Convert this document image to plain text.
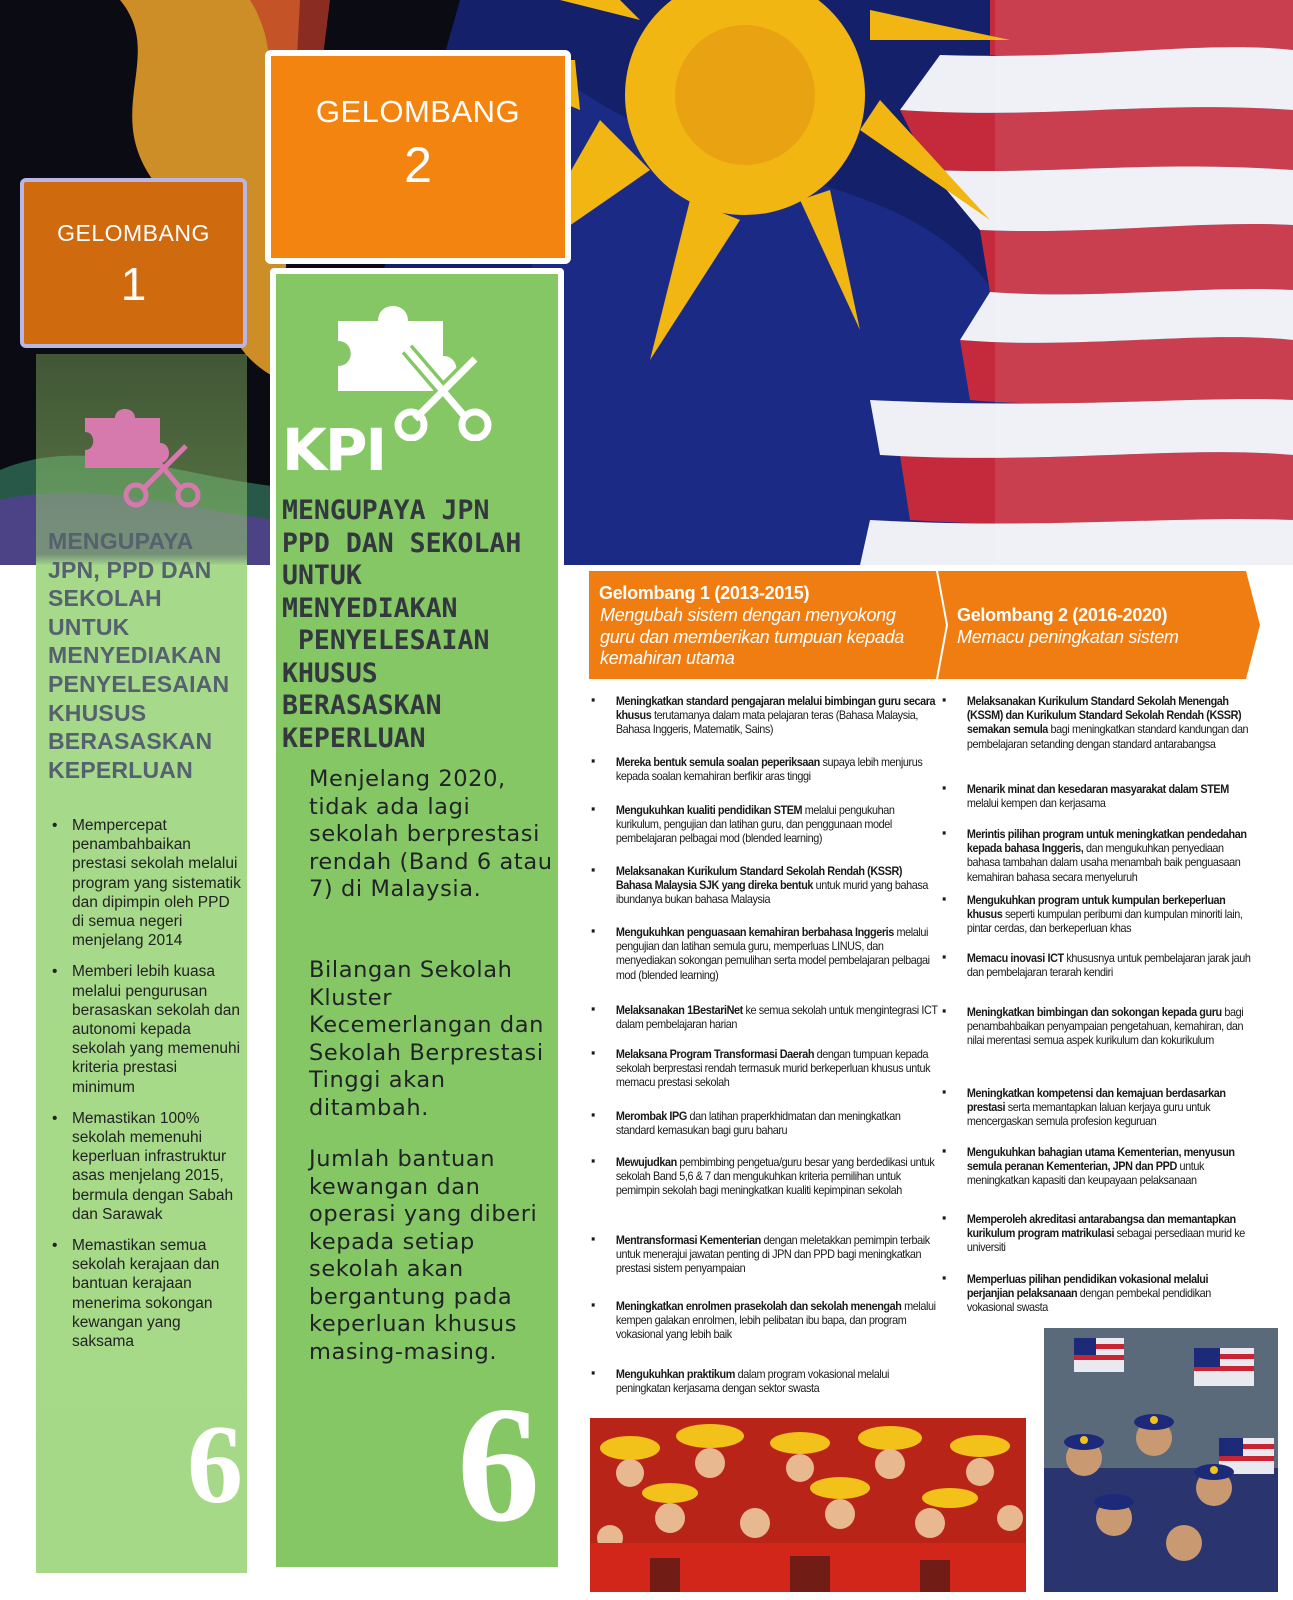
GELOMBANG
1
GELOMBANG
2
MENGUPAYA JPN, PPD DAN SEKOLAH UNTUK MENYEDIAKAN PENYELESAIAN KHUSUS BERASASKAN KEPERLUAN
• Mempercepat penambahbaikan prestasi sekolah melalui program yang sistematik dan dipimpin oleh PPD di semua negeri menjelang 2014
• Memberi lebih kuasa melalui pengurusan berasaskan sekolah dan autonomi kepada sekolah yang memenuhi kriteria prestasi minimum
• Memastikan 100% sekolah memenuhi keperluan infrastruktur asas menjelang 2015, bermula dengan Sabah dan Sarawak
• Memastikan semua sekolah kerajaan dan bantuan kerajaan menerima sokongan kewangan yang saksama
6
KPI
MENGUPAYA JPN
PPD DAN SEKOLAH
UNTUK
MENYEDIAKAN
PENYELESAIAN
KHUSUS
BERASASKAN
KEPERLUAN
Menjelang 2020, tidak ada lagi sekolah berprestasi rendah (Band 6 atau 7) di Malaysia.
Bilangan Sekolah Kluster Kecemerlangan dan Sekolah Berprestasi Tinggi akan ditambah.
Jumlah bantuan kewangan dan operasi yang diberi kepada setiap sekolah akan bergantung pada keperluan khusus masing-masing.
6
Gelombang 1 (2013-2015)
Mengubah sistem dengan menyokong guru dan memberikan tumpuan kepada kemahiran utama
Gelombang 2 (2016-2020)
Memacu peningkatan sistem
▪ Meningkatkan standard pengajaran melalui bimbingan guru secara khusus terutamanya dalam mata pelajaran teras (Bahasa Malaysia, Bahasa Inggeris, Matematik, Sains)
▪ Mereka bentuk semula soalan peperiksaan supaya lebih menjurus kepada soalan kemahiran berfikir aras tinggi
▪ Mengukuhkan kualiti pendidikan STEM melalui pengukuhan kurikulum, pengujian dan latihan guru, dan penggunaan model pembelajaran pelbagai mod (blended learning)
▪ Melaksanakan Kurikulum Standard Sekolah Rendah (KSSR) Bahasa Malaysia SJK yang direka bentuk untuk murid yang bahasa ibundanya bukan bahasa Malaysia
▪ Mengukuhkan penguasaan kemahiran berbahasa Inggeris melalui pengujian dan latihan semula guru, memperluas LINUS, dan menyediakan sokongan pemulihan serta model pembelajaran pelbagai mod (blended learning)
▪ Melaksanakan 1BestariNet ke semua sekolah untuk mengintegrasi ICT dalam pembelajaran harian
▪ Melaksana Program Transformasi Daerah dengan tumpuan kepada sekolah berprestasi rendah termasuk murid berkeperluan khusus untuk memacu prestasi sekolah
▪ Merombak IPG dan latihan praperkhidmatan dan meningkatkan standard kemasukan bagi guru baharu
▪ Mewujudkan pembimbing pengetua/guru besar yang berdedikasi untuk sekolah Band 5,6 & 7 dan mengukuhkan kriteria pemilihan untuk pemimpin sekolah bagi meningkatkan kualiti kepimpinan sekolah
▪ Mentransformasi Kementerian dengan meletakkan pemimpin terbaik untuk menerajui jawatan penting di JPN dan PPD bagi meningkatkan prestasi sistem penyampaian
▪ Meningkatkan enrolmen prasekolah dan sekolah menengah melalui kempen galakan enrolmen, lebih pelibatan ibu bapa, dan program vokasional yang lebih baik
▪ Mengukuhkan praktikum dalam program vokasional melalui peningkatan kerjasama dengan sektor swasta
▪ Melaksanakan Kurikulum Standard Sekolah Menengah (KSSM) dan Kurikulum Standard Sekolah Rendah (KSSR) semakan semula bagi meningkatkan standard kandungan dan pembelajaran setanding dengan standard antarabangsa
▪ Menarik minat dan kesedaran masyarakat dalam STEM melalui kempen dan kerjasama
▪ Merintis pilihan program untuk meningkatkan pendedahan kepada bahasa Inggeris, dan mengukuhkan penyediaan bahasa tambahan dalam usaha menambah baik penguasaan kemahiran bahasa secara menyeluruh
▪ Mengukuhkan program untuk kumpulan berkeperluan khusus seperti kumpulan peribumi dan kumpulan minoriti lain, pintar cerdas, dan berkeperluan khas
▪ Memacu inovasi ICT khususnya untuk pembelajaran jarak jauh dan pembelajaran terarah kendiri
▪ Meningkatkan bimbingan dan sokongan kepada guru bagi penambahbaikan penyampaian pengetahuan, kemahiran, dan nilai merentasi semua aspek kurikulum dan kokurikulum
▪ Meningkatkan kompetensi dan kemajuan berdasarkan prestasi serta memantapkan laluan kerjaya guru untuk mencergaskan semula profesion keguruan
▪ Mengukuhkan bahagian utama Kementerian, menyusun semula peranan Kementerian, JPN dan PPD untuk meningkatkan kapasiti dan keupayaan pelaksanaan
▪ Memperoleh akreditasi antarabangsa dan memantapkan kurikulum program matrikulasi sebagai persediaan murid ke universiti
▪ Memperluas pilihan pendidikan vokasional melalui perjanjian pelaksanaan dengan pembekal pendidikan vokasional swasta
